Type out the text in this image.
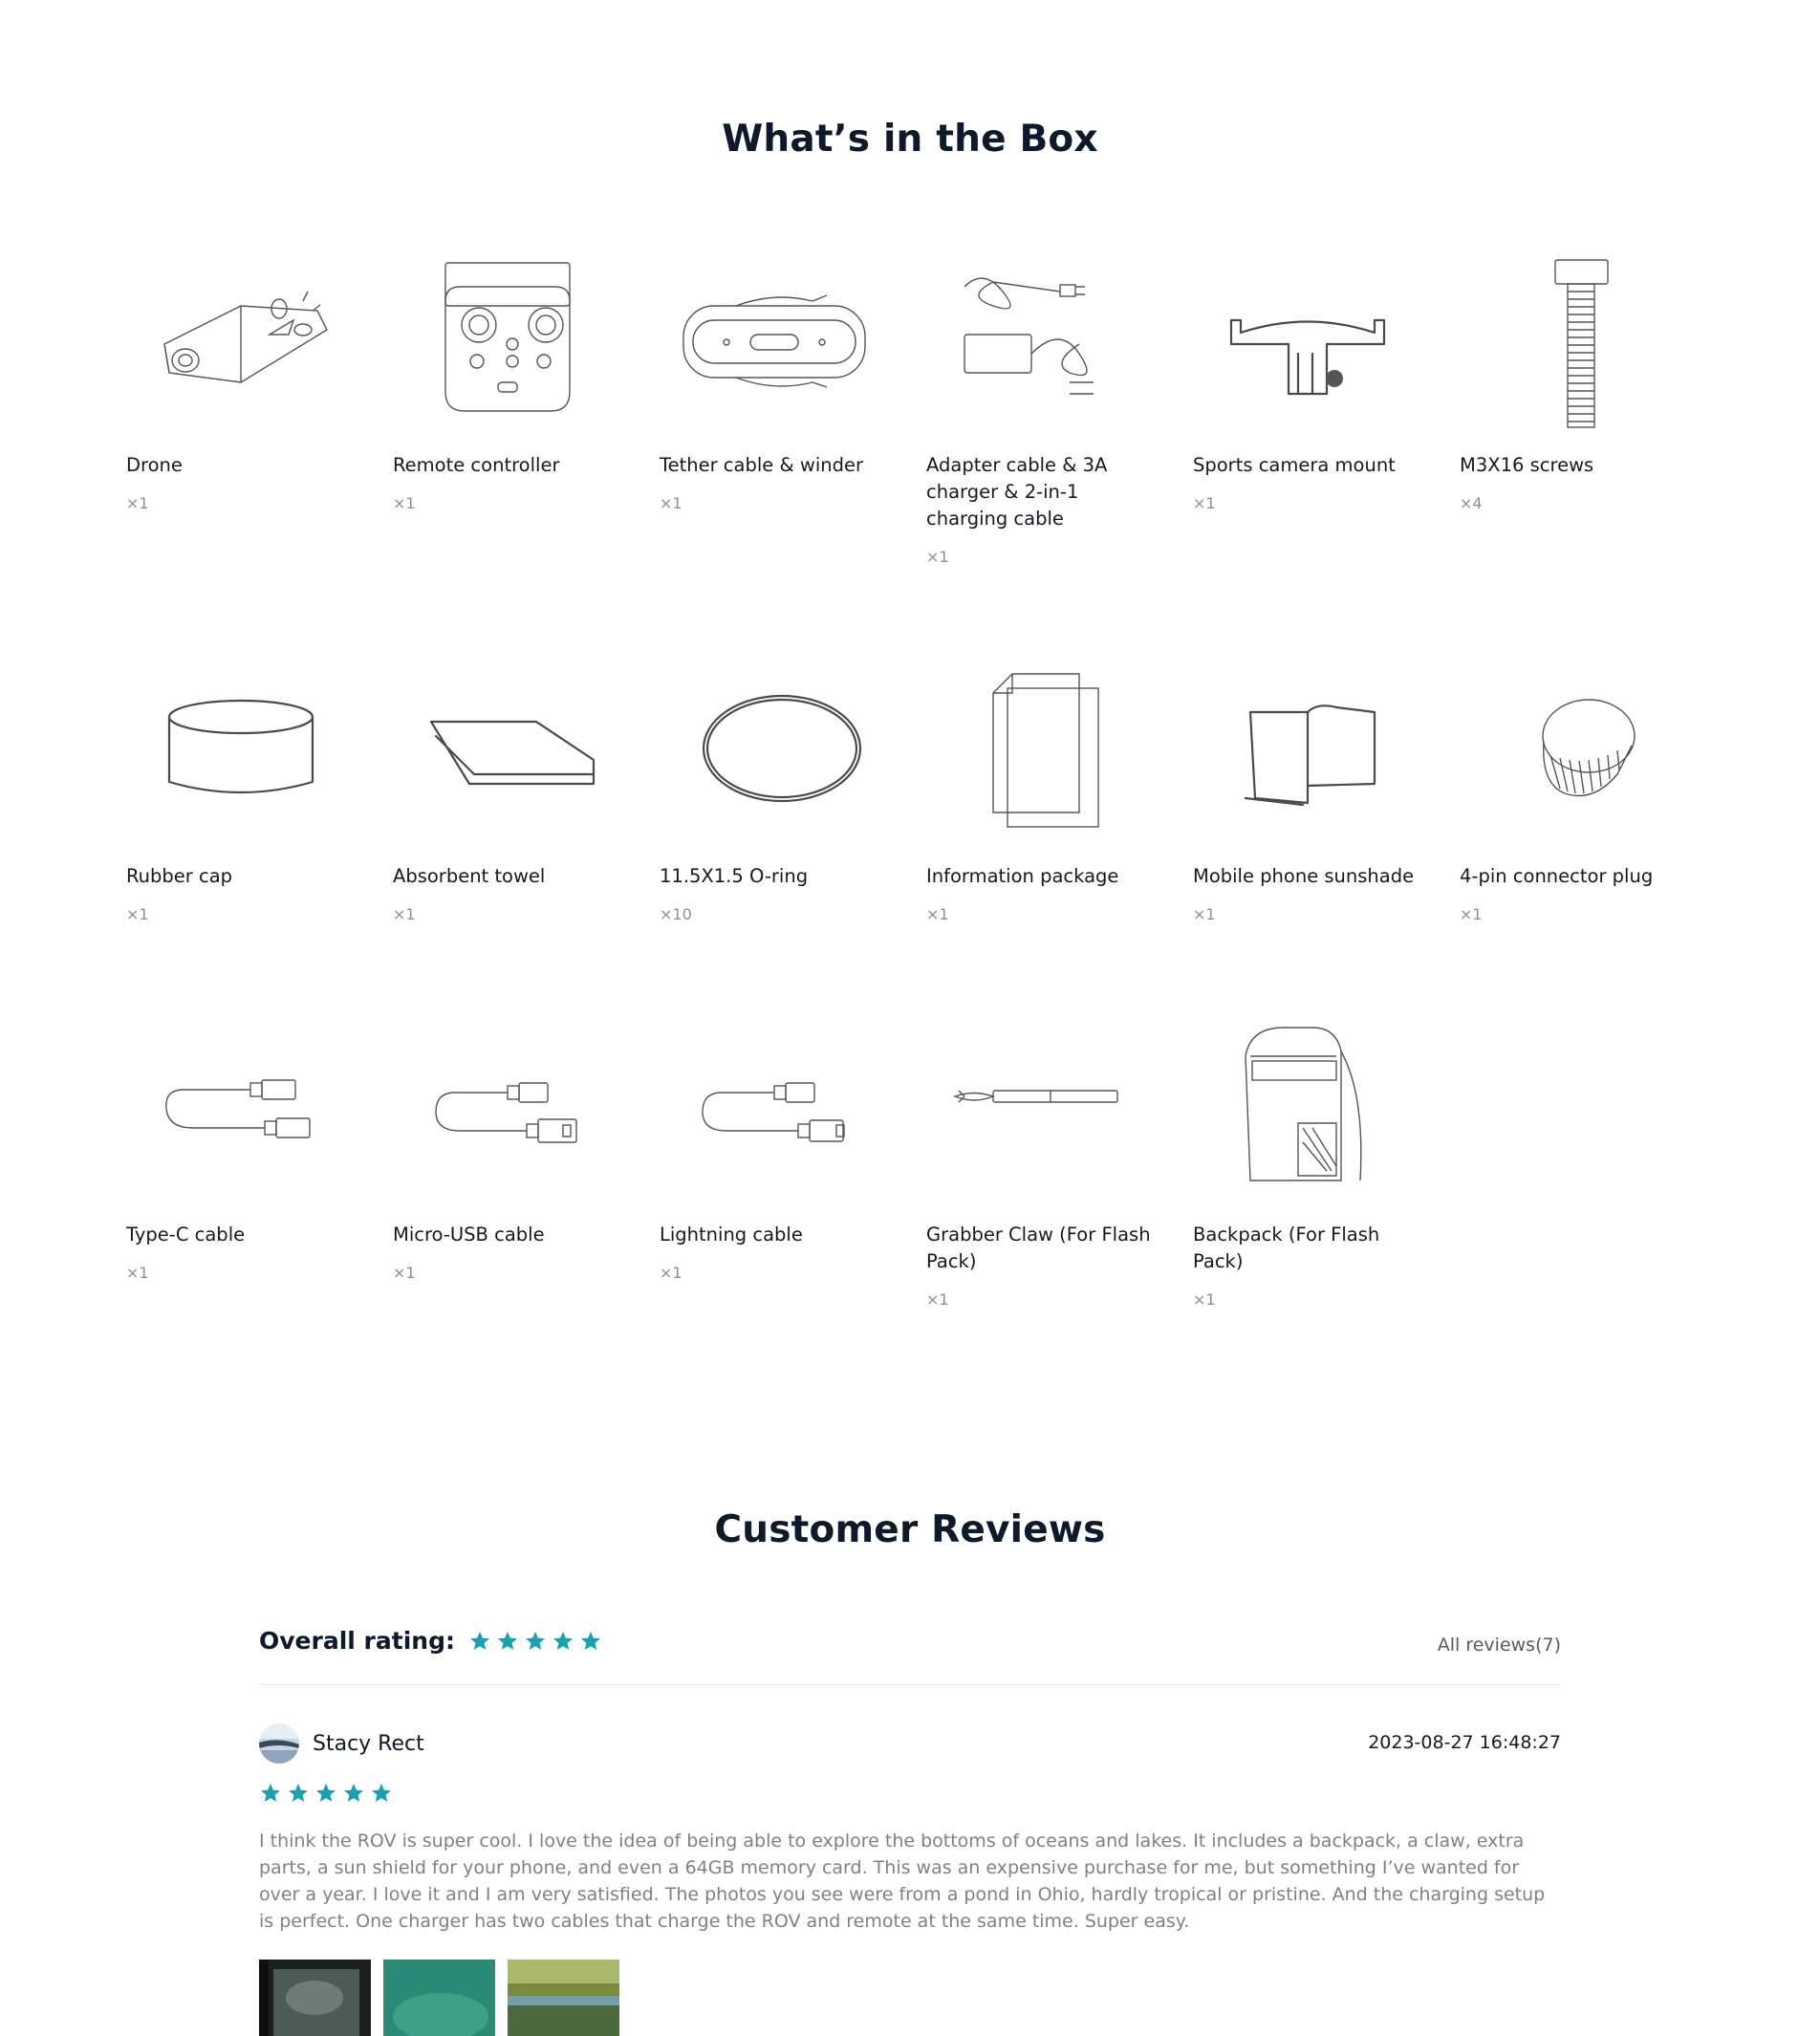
What’s in the Box
Drone
×1
Remote controller
×1
Tether cable & winder
×1
Adapter cable & 3A charger & 2-in-1 charging cable
×1
Sports camera mount
×1
M3X16 screws
×4
Rubber cap
×1
Absorbent towel
×1
11.5X1.5 O-ring
×10
Information package
×1
Mobile phone sunshade
×1
4-pin connector plug
×1
Type-C cable
×1
Micro-USB cable
×1
Lightning cable
×1
Grabber Claw (For Flash Pack)
×1
Backpack (For Flash Pack)
×1
Customer Reviews
Overall rating:	All reviews(7)
Stacy Rect	2023-08-27 16:48:27

I think the ROV is super cool. I love the idea of being able to explore the bottoms of oceans and lakes. It includes a backpack, a claw, extra parts, a sun shield for your phone, and even a 64GB memory card. This was an expensive purchase for me, but something I’ve wanted for over a year. I love it and I am very satisfied. The photos you see were from a pond in Ohio, hardly tropical or pristine. And the charging setup is perfect. One charger has two cables that charge the ROV and remote at the same time. Super easy.
